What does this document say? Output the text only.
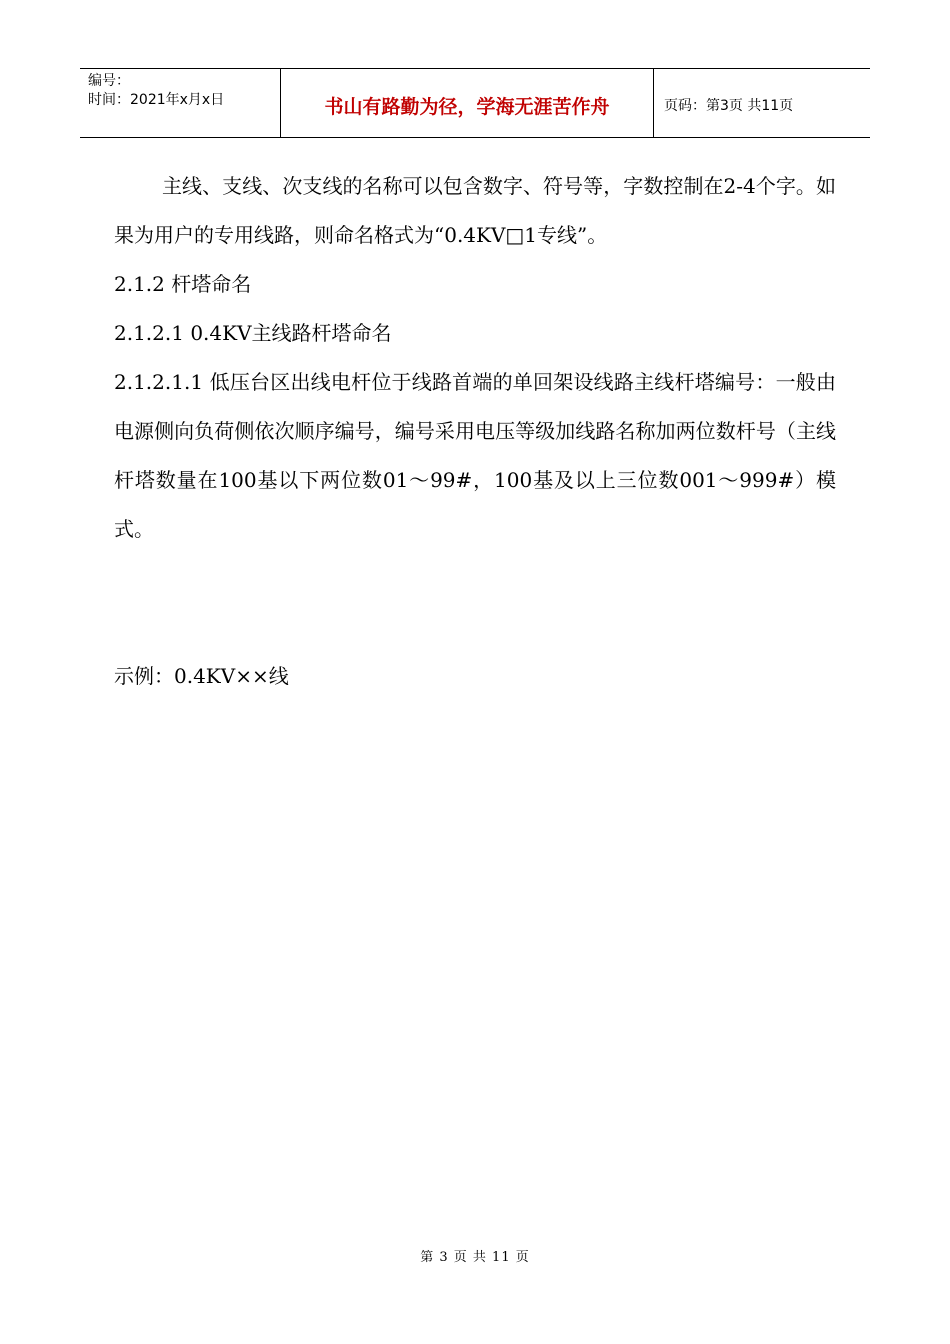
编号：
时间：2021年x月x日	书山有路勤为径，学海无涯苦作舟	页码：第3页 共11页

主线、支线、次支线的名称可以包含数字、符号等，字数控制在2-4个字。如果为用户的专用线路，则命名格式为“0.4KV□1专线”。

2.1.2 杆塔命名

2.1.2.1 0.4KV主线路杆塔命名

2.1.2.1.1 低压台区出线电杆位于线路首端的单回架设线路主线杆塔编号：一般由电源侧向负荷侧依次顺序编号，编号采用电压等级加线路名称加两位数杆号（主线杆塔数量在100基以下两位数01～99#，100基及以上三位数001～999#）模式。

示例：0.4KV××线

第 3 页 共 11 页
